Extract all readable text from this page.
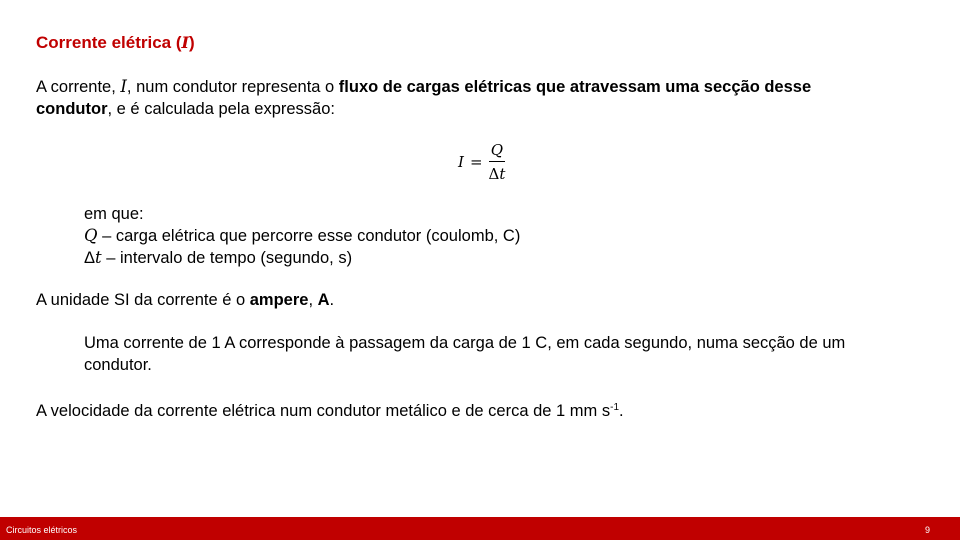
Corrente elétrica (I)
A corrente, I, num condutor representa o fluxo de cargas elétricas que atravessam uma secção desse
condutor, e é calculada pela expressão:
$I = \frac{Q}{\Delta t}$
em que:
Q – carga elétrica que percorre esse condutor (coulomb, C)
Δt – intervalo de tempo (segundo, s)
A unidade SI da corrente é o ampere, A.
Uma corrente de 1 A corresponde à passagem da carga de 1 C, em cada segundo, numa secção de um
condutor.
A velocidade da corrente elétrica num condutor metálico e de cerca de 1 mm $s^{-1}$.
Circuitos elétricos	9
